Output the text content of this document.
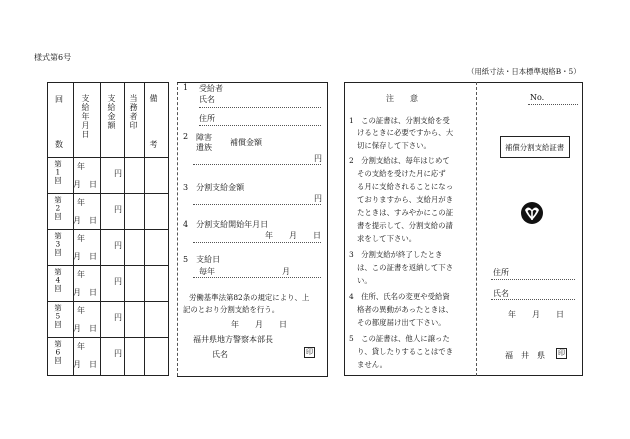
様式第6号
（用紙寸法・日本標準規格B・5）
回
数
支給年月日 支給金額 当務者印 備考
第1回 年
月　日
円
第2回 年
月　日
円
第3回 年
月　日
円
第4回 年
月　日
円
第5回 年
月　日
円
第6回 年
月　日
円
1 受給者
氏名
住所
2 障害
遺族
補償金額
円
3　分割支給金額
円
4　分割支給開始年月日
年　　月　　日
5　支給日
毎年	月
労働基準法第82条の規定により、上
記のとおり分割支給を行う。
年　　月　　日
福井県地方警察本部長
氏名	印
注　　意

1　この証書は、分割支給を受

けるときに必要ですから、大

切に保存して下さい。

2　分割支給は、毎年はじめて

その支給を受けた月に応ず

る月に支給されることになっ

ておりますから、支給月がき

たときは、すみやかにこの証

書を提示して、分割支給の請

求をして下さい。

3　分割支給が終了したとき

は、この証書を返納して下さ

い。

4　住所、氏名の変更や受給資

格者の異動があったときは、

その都度届け出て下さい。

5　この証書は、他人に譲った

り、貸したりすることはでき

ません。

No.
補償分割支給証書
住所
氏名
年　　月　　日
福　井　県 印
